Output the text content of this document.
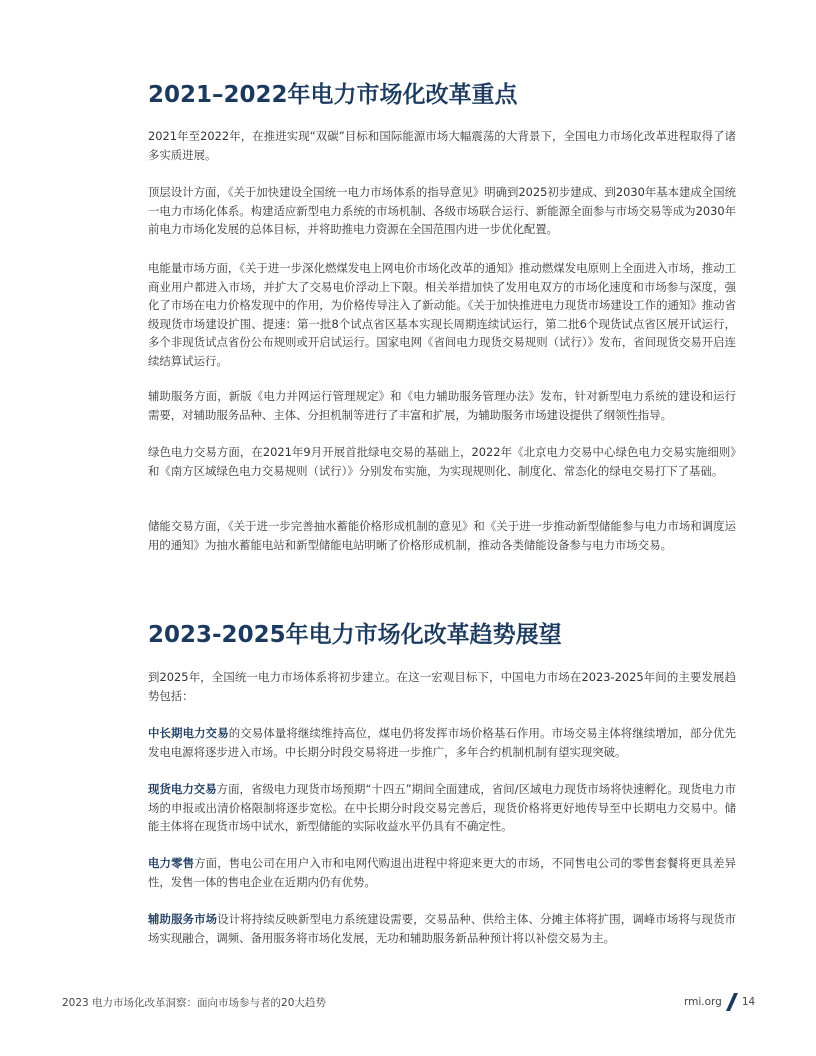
2021–2022年电力市场化改革重点

2021年至2022年，在推进实现“双碳”目标和国际能源市场大幅震荡的大背景下，全国电力市场化改革进程取得了诸多实质进展。

顶层设计方面，《关于加快建设全国统一电力市场体系的指导意见》明确到2025初步建成、到2030年基本建成全国统一电力市场化体系。构建适应新型电力系统的市场机制、各级市场联合运行、新能源全面参与市场交易等成为2030年前电力市场化发展的总体目标，并将助推电力资源在全国范围内进一步优化配置。

电能量市场方面，《关于进一步深化燃煤发电上网电价市场化改革的通知》推动燃煤发电原则上全面进入市场，推动工商业用户都进入市场，并扩大了交易电价浮动上下限。相关举措加快了发用电双方的市场化速度和市场参与深度，强化了市场在电力价格发现中的作用，为价格传导注入了新动能。《关于加快推进电力现货市场建设工作的通知》推动省级现货市场建设扩围、提速：第一批8个试点省区基本实现长周期连续试运行，第二批6个现货试点省区展开试运行，多个非现货试点省份公布规则或开启试运行。国家电网《省间电力现货交易规则（试行）》发布，省间现货交易开启连续结算试运行。

辅助服务方面，新版《电力并网运行管理规定》和《电力辅助服务管理办法》发布，针对新型电力系统的建设和运行需要，对辅助服务品种、主体、分担机制等进行了丰富和扩展，为辅助服务市场建设提供了纲领性指导。

绿色电力交易方面，在2021年9月开展首批绿电交易的基础上，2022年《北京电力交易中心绿色电力交易实施细则》和《南方区域绿色电力交易规则（试行）》分别发布实施，为实现规则化、制度化、常态化的绿电交易打下了基础。

储能交易方面，《关于进一步完善抽水蓄能价格形成机制的意见》和《关于进一步推动新型储能参与电力市场和调度运用的通知》为抽水蓄能电站和新型储能电站明晰了价格形成机制，推动各类储能设备参与电力市场交易。

2023-2025年电力市场化改革趋势展望

到2025年，全国统一电力市场体系将初步建立。在这一宏观目标下，中国电力市场在2023-2025年间的主要发展趋势包括：

中长期电力交易的交易体量将继续维持高位，煤电仍将发挥市场价格基石作用。市场交易主体将继续增加，部分优先发电电源将逐步进入市场。中长期分时段交易将进一步推广，多年合约机制机制有望实现突破。

现货电力交易方面，省级电力现货市场预期“十四五”期间全面建成，省间/区域电力现货市场将快速孵化。现货电力市场的申报或出清价格限制将逐步宽松。在中长期分时段交易完善后，现货价格将更好地传导至中长期电力交易中。储能主体将在现货市场中试水，新型储能的实际收益水平仍具有不确定性。

电力零售方面，售电公司在用户入市和电网代购退出进程中将迎来更大的市场，不同售电公司的零售套餐将更具差异性，发售一体的售电企业在近期内仍有优势。

辅助服务市场设计将持续反映新型电力系统建设需要，交易品种、供给主体、分摊主体将扩围，调峰市场将与现货市场实现融合，调频、备用服务将市场化发展，无功和辅助服务新品种预计将以补偿交易为主。

2023 电力市场化改革洞察：面向市场参与者的20大趋势	rmi.org 14
